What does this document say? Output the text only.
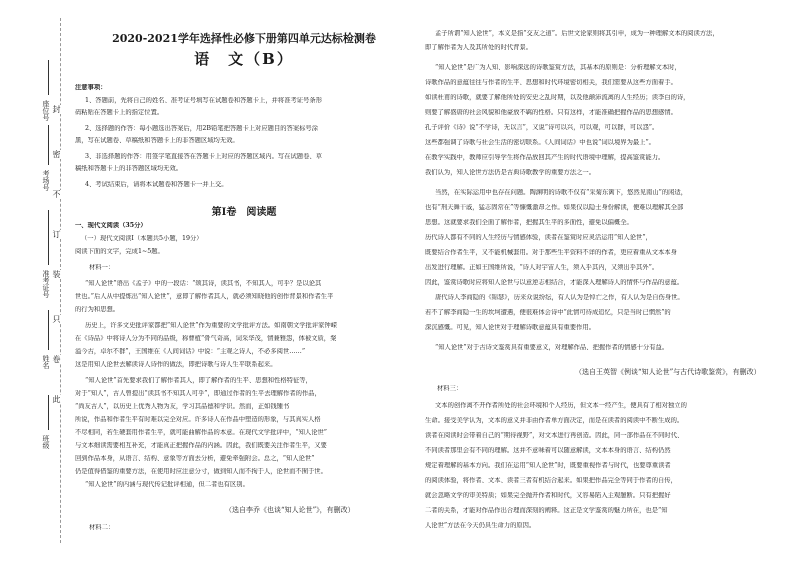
封
密
不
订
装
只
卷
此
座位号
考场号
准考证号
姓名
班级
2020-2021学年选择性必修下册第四单元达标检测卷
语　文（B）
注意事项：
1、答题前，先将自己的姓名、准考证号填写在试题卷和答题卡上，并将准考证号条形
码粘贴在答题卡上的指定位置。
2、选择题的作答：每小题选出答案后，用2B铅笔把答题卡上对应题目的答案标号涂
黑，写在试题卷、草稿纸和答题卡上的非答题区域均无效。
3、非选择题的作答：用签字笔直接答在答题卡上对应的答题区域内。写在试题卷、草
稿纸和答题卡上的非答题区域均无效。
4、考试结束后，请将本试题卷和答题卡一并上交。
第Ⅰ卷　阅读题
一、现代文阅读（35分）
（一）现代文阅读Ⅰ（本题共5小题，19分）
阅读下面的文字，完成1~5题。
材料一：
“知人论世”语出《孟子》中的一段话：“颂其诗，读其书，不知其人，可乎？是以论其
世也。”后人从中提炼出“知人论世”，意即了解作者其人，就必须知晓他的创作背景和作者生平
的行为和思想。
历史上，许多文史批评家都把“知人论世”作为重要的文学批评方法。如南朝文学批评家钟嵘
在《诗品》中将诗人分为不同的品级，称曹植“骨气奇高，词采华茂，情兼雅怨，体被文质，粲
溢今古，卓尔不群”，王国维在《人间词话》中说：“主观之诗人，不必多阅世……”
这是用知人论世去解读诗人诗作的做法，即把诗歌与诗人生平联系起来。
“知人论世”首先要求我们了解作者其人，即了解作者的生平、思想和性格特征等，
对于“知人”，古人曾提出“读其书不知其人可乎”，即通过作者的生平去理解作者的作品，
“尚友古人”，以历史上优秀人物为友，学习其品德和学识。然而，正如钱锺书
所说，作品和作者生平有时难以完全对应。许多诗人在作品中塑造的形象，与其真实人格
不尽相同，若生硬套用作者生平，就可能曲解作品的本意。在现代文学批评中，“知人论世”
与文本细读需要相互补充，才能真正把握作品的内涵。因此，我们既要关注作者生平，又要
回到作品本身，从语言、结构、意象等方面去分析，避免牵强附会。总之，“知人论世”
仍是值得借鉴的重要方法，在使用时应注意分寸，做到知人而不拘于人，论世而不囿于世。
“知人论世”的内涵与现代传记批评相通，但二者也有区别。
（选自李乔《也谈“知人论世”》，有删改）
材料二：
孟子所谓“知人论世”，本义是指“交友之道”。后世文论家则将其引申，成为一种理解文本的阅读方法，
即了解作者为人及其所处的时代背景。
“知人论世”是广为人知、影响深远的诗歌鉴赏方法，其基本的原则是：分析理解文本时，
诗歌作品的意蕴往往与作者的生平、思想和时代环境密切相关，我们需要从这些方面着手。
如读杜甫的诗歌，就要了解他所处的安史之乱时期，以及他颠沛流离的人生经历；读李白的诗，
则要了解盛唐的社会风貌和他豪放不羁的性格。只有这样，才能准确把握作品的思想感情。
孔子评价《诗》说“不学诗，无以言”，又说“诗可以兴，可以观，可以群，可以怨”。
这些都强调了诗歌与社会生活的密切联系。《人间词话》中也说“词以境界为最上”。
在教学实践中，教师应引导学生将作品放回其产生的时代语境中理解，提高鉴赏能力。
我们认为，知人论世方法仍是古典诗歌教学的重要方法之一。
当然，在实际运用中也存在问题。陶渊明的诗歌不仅有“采菊东篱下，悠然见南山”的闲适，
也有“刑天舞干戚，猛志固常在”等慷慨激昂之作。如果仅以隐士身份解读，便难以理解其全部
思想。这就要求我们全面了解作者，把握其生平的多面性，避免以偏概全。
历代诗人都有不同的人生经历与情感体验，读者在鉴赏时应灵活运用“知人论世”，
既要结合作者生平，又不能机械套用。对于那些生平资料不详的作者，更应着重从文本本身
出发进行理解。正如王国维所说，“诗人对宇宙人生，须入乎其内，又须出乎其外”。
因此，鉴赏诗歌时应将知人论世与以意逆志相结合，才能深入理解诗人的情怀与作品的意蕴。
唐代诗人李商隐的《锦瑟》，历来众说纷纭，有人认为是悼亡之作，有人认为是自伤身世。
若不了解李商隐一生的坎坷遭遇，便很难体会诗中“此情可待成追忆，只是当时已惘然”的
深沉感慨。可见，知人论世对于理解诗歌意蕴具有重要作用。
“知人论世”对于古诗文鉴赏具有重要意义，对理解作品、把握作者的情感十分有益。
（选自王英智《例谈“知人论世”与古代诗歌鉴赏》，有删改）
材料三：
文本的创作离不开作者所处的社会环境和个人经历，但文本一经产生，便具有了相对独立的
生命。接受美学认为，文本的意义并非由作者单方面决定，而是在读者的阅读中不断生成的。
读者在阅读时会带着自己的“期待视野”，对文本进行再创造。因此，同一部作品在不同时代、
不同读者那里会有不同的理解。这并不意味着可以随意解读，文本本身的语言、结构仍然
规定着理解的基本方向。我们在运用“知人论世”时，既要重视作者与时代，也要尊重读者
的阅读体验，将作者、文本、读者三者有机结合起来。如果把作品完全等同于作者的自传，
就会忽略文学的审美特质；如果完全抛开作者和时代，又容易陷入主观臆断。只有把握好
二者的关系，才能对作品作出合理而深刻的阐释。这正是文学鉴赏的魅力所在，也是“知
人论世”方法在今天仍具生命力的原因。
